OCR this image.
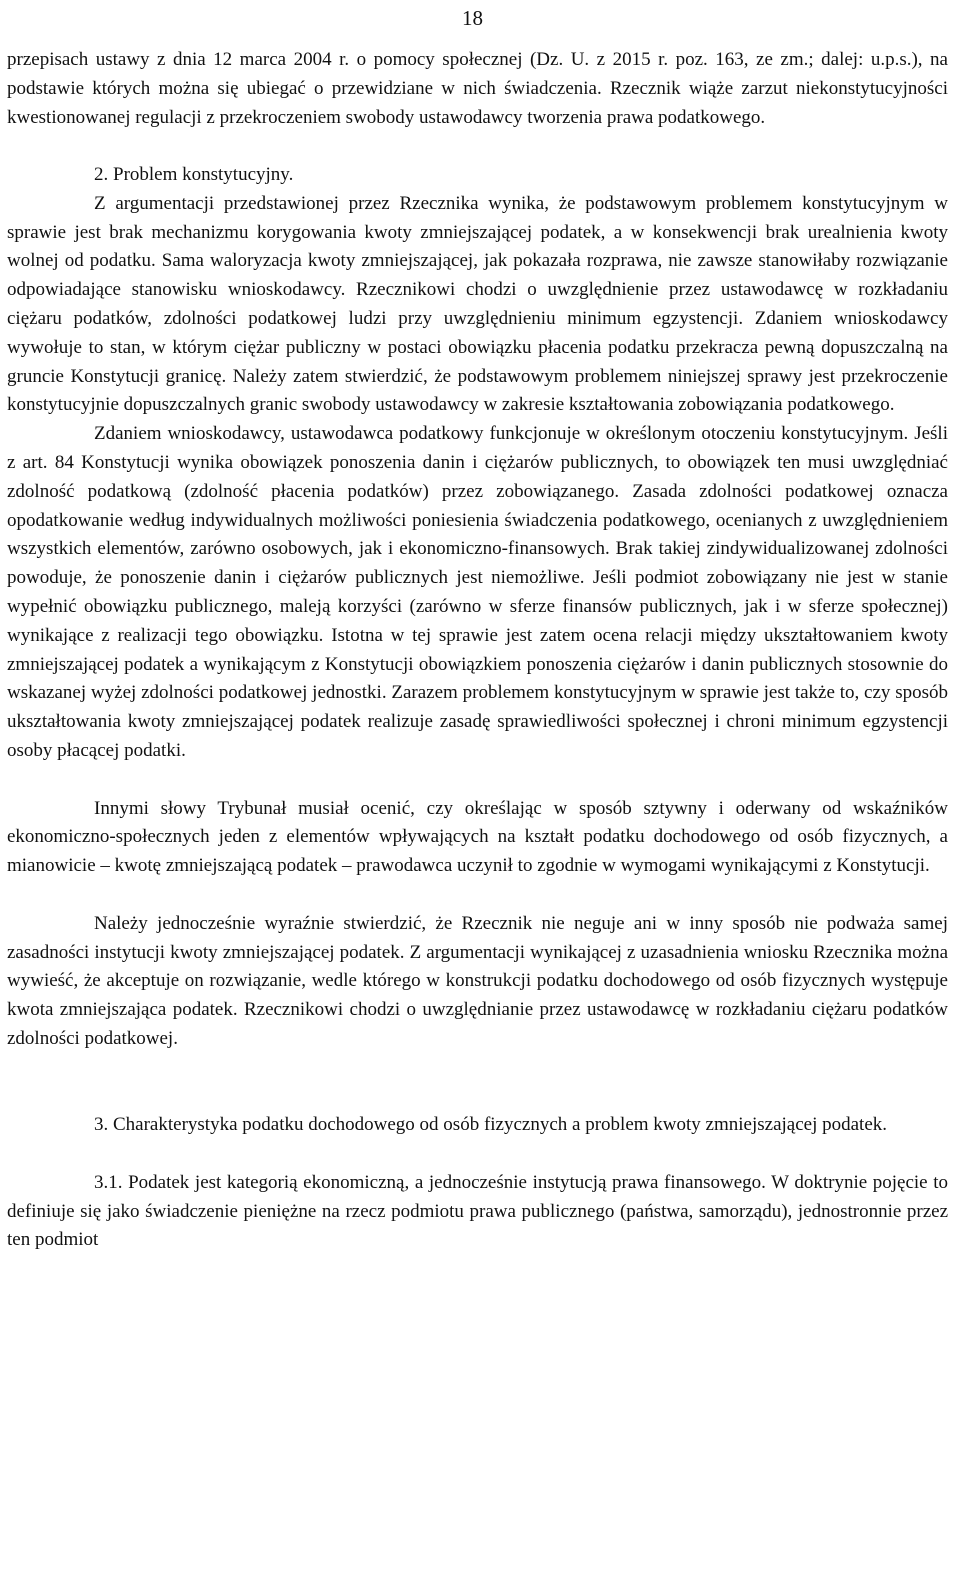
18

przepisach ustawy z dnia 12 marca 2004 r. o pomocy społecznej (Dz. U. z 2015 r. poz. 163, ze zm.; dalej: u.p.s.), na podstawie których można się ubiegać o przewidziane w nich świadczenia. Rzecznik wiąże zarzut niekonstytucyjności kwestionowanej regulacji z przekroczeniem swobody ustawodawcy tworzenia prawa podatkowego.

2. Problem konstytucyjny.

Z argumentacji przedstawionej przez Rzecznika wynika, że podstawowym problemem konstytucyjnym w sprawie jest brak mechanizmu korygowania kwoty zmniejszającej podatek, a w konsekwencji brak urealnienia kwoty wolnej od podatku. Sama waloryzacja kwoty zmniejszającej, jak pokazała rozprawa, nie zawsze stanowiłaby rozwiązanie odpowiadające stanowisku wnioskodawcy. Rzecznikowi chodzi o uwzględnienie przez ustawodawcę w rozkładaniu ciężaru podatków, zdolności podatkowej ludzi przy uwzględnieniu minimum egzystencji. Zdaniem wnioskodawcy wywołuje to stan, w którym ciężar publiczny w postaci obowiązku płacenia podatku przekracza pewną dopuszczalną na gruncie Konstytucji granicę. Należy zatem stwierdzić, że podstawowym problemem niniejszej sprawy jest przekroczenie konstytucyjnie dopuszczalnych granic swobody ustawodawcy w zakresie kształtowania zobowiązania podatkowego.

Zdaniem wnioskodawcy, ustawodawca podatkowy funkcjonuje w określonym otoczeniu konstytucyjnym. Jeśli z art. 84 Konstytucji wynika obowiązek ponoszenia danin i ciężarów publicznych, to obowiązek ten musi uwzględniać zdolność podatkową (zdolność płacenia podatków) przez zobowiązanego. Zasada zdolności podatkowej oznacza opodatkowanie według indywidualnych możliwości poniesienia świadczenia podatkowego, ocenianych z uwzględnieniem wszystkich elementów, zarówno osobowych, jak i ekonomiczno-finansowych. Brak takiej zindywidualizowanej zdolności powoduje, że ponoszenie danin i ciężarów publicznych jest niemożliwe. Jeśli podmiot zobowiązany nie jest w stanie wypełnić obowiązku publicznego, maleją korzyści (zarówno w sferze finansów publicznych, jak i w sferze społecznej) wynikające z realizacji tego obowiązku. Istotna w tej sprawie jest zatem ocena relacji między ukształtowaniem kwoty zmniejszającej podatek a wynikającym z Konstytucji obowiązkiem ponoszenia ciężarów i danin publicznych stosownie do wskazanej wyżej zdolności podatkowej jednostki. Zarazem problemem konstytucyjnym w sprawie jest także to, czy sposób ukształtowania kwoty zmniejszającej podatek realizuje zasadę sprawiedliwości społecznej i chroni minimum egzystencji osoby płacącej podatki.

Innymi słowy Trybunał musiał ocenić, czy określając w sposób sztywny i oderwany od wskaźników ekonomiczno-społecznych jeden z elementów wpływających na kształt podatku dochodowego od osób fizycznych, a mianowicie – kwotę zmniejszającą podatek – prawodawca uczynił to zgodnie w wymogami wynikającymi z Konstytucji.

Należy jednocześnie wyraźnie stwierdzić, że Rzecznik nie neguje ani w inny sposób nie podważa samej zasadności instytucji kwoty zmniejszającej podatek. Z argumentacji wynikającej z uzasadnienia wniosku Rzecznika można wywieść, że akceptuje on rozwiązanie, wedle którego w konstrukcji podatku dochodowego od osób fizycznych występuje kwota zmniejszająca podatek. Rzecznikowi chodzi o uwzględnianie przez ustawodawcę w rozkładaniu ciężaru podatków zdolności podatkowej.

3. Charakterystyka podatku dochodowego od osób fizycznych a problem kwoty zmniejszającej podatek.

3.1. Podatek jest kategorią ekonomiczną, a jednocześnie instytucją prawa finansowego. W doktrynie pojęcie to definiuje się jako świadczenie pieniężne na rzecz podmiotu prawa publicznego (państwa, samorządu), jednostronnie przez ten podmiot
